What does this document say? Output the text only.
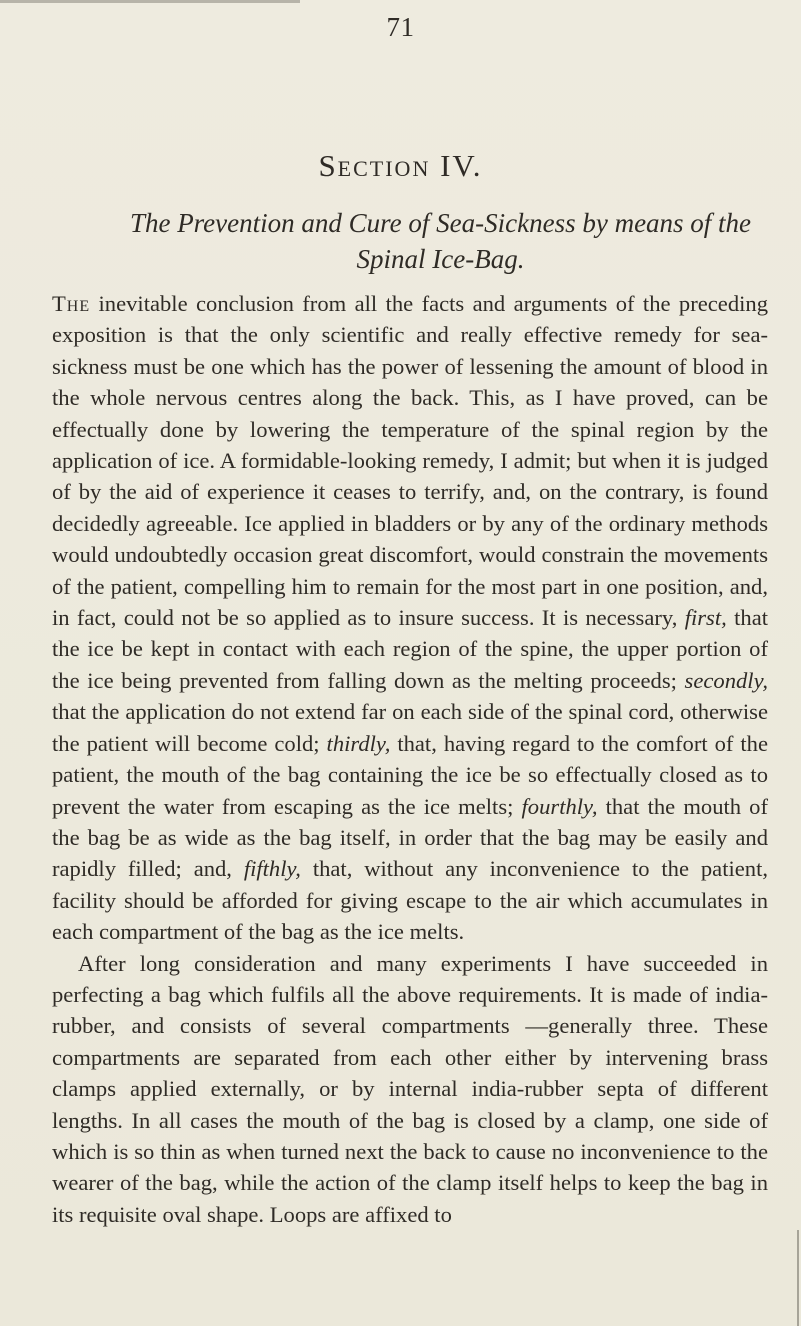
71
Section IV.
The Prevention and Cure of Sea-Sickness by means of the
Spinal Ice-Bag.

The inevitable conclusion from all the facts and arguments of the preceding exposition is that the only scientific and really effective remedy for sea-sickness must be one which has the power of lessening the amount of blood in the whole nervous centres along the back. This, as I have proved, can be effectually done by lowering the temperature of the spinal region by the application of ice. A formidable-looking remedy, I admit; but when it is judged of by the aid of experience it ceases to terrify, and, on the contrary, is found decidedly agreeable. Ice applied in bladders or by any of the ordinary methods would undoubtedly occasion great discomfort, would constrain the movements of the patient, compelling him to remain for the most part in one position, and, in fact, could not be so applied as to insure success. It is necessary, first, that the ice be kept in contact with each region of the spine, the upper portion of the ice being prevented from falling down as the melting proceeds; secondly, that the application do not extend far on each side of the spinal cord, otherwise the patient will become cold; thirdly, that, having regard to the comfort of the patient, the mouth of the bag containing the ice be so effectually closed as to prevent the water from escaping as the ice melts; fourthly, that the mouth of the bag be as wide as the bag itself, in order that the bag may be easily and rapidly filled; and, fifthly, that, without any inconvenience to the patient, facility should be afforded for giving escape to the air which accumulates in each compartment of the bag as the ice melts.

After long consideration and many experiments I have succeeded in perfecting a bag which fulfils all the above requirements. It is made of india-rubber, and consists of several compartments —generally three. These compartments are separated from each other either by intervening brass clamps applied externally, or by internal india-rubber septa of different lengths. In all cases the mouth of the bag is closed by a clamp, one side of which is so thin as when turned next the back to cause no inconvenience to the wearer of the bag, while the action of the clamp itself helps to keep the bag in its requisite oval shape. Loops are affixed to
